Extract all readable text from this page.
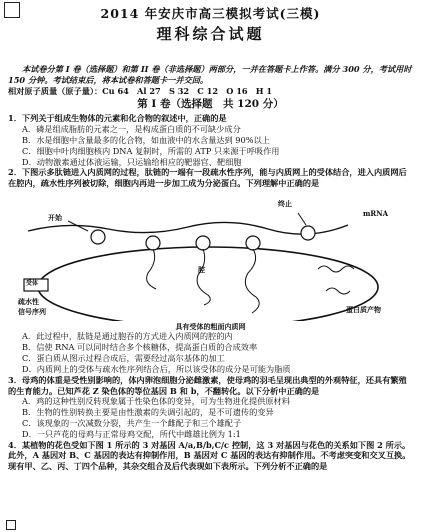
2014 年安庆市高三模拟考试(三模)
理科综合试题

本试卷分第 I 卷（选择题）和第 II 卷（非选择题）两部分，一并在答题卡上作答。满分 300 分，考试用时 150 分钟。考试结束后，将本试卷和答题卡一并交回。

相对原子质量（原子量）：Cu 64　Al 27　S 32　C 12　O 16　H 1

第 I 卷（选择题　共 120 分）

1．下列关于组成生物体的元素和化合物的叙述中，正确的是

A．磷是组成脂肪的元素之一，是构成蛋白质的不可缺少成分

B．水是细胞中含量最多的化合物，如血液中的水含量达到 90%以上

C．细胞中叶肉细胞核内 DNA 复制时，所需的 ATP 只来源于呼吸作用

D．动物激素通过体液运输，只运输给相应的靶器官、靶细胞

2．下图示多肽链进入内质网的过程，肽链的一端有一段疏水性序列，能与内质网上的受体结合，进入内质网后在腔内，疏水性序列被切除，细胞内再进一步加工成为分泌蛋白。下列理解中正确的是

开始
终止
mRNA
受体
疏水性
信号序列
腔
蛋白质产物
具有受体的粗面内质网

A．此过程中，肽链是通过胞吞的方式进入内质网的腔的内

B．信使 RNA 可以同时结合多个核糖体，提高蛋白质的合成效率

C．蛋白质从图示过程合成后，需要经过高尔基体的加工

D．内质网上的受体与疏水性序列结合后，所以该受体的成分是可能为脂质

3．母鸡的体重是受性别影响的，体内卵泡细胞分泌雌激素，使母鸡的羽毛呈现出典型的外观特征，还具有繁殖的生育能力。已知芦花 Z 染色体的等位基因 B 和 b，不翻转化。以下分析中正确的是

A．鸡的这种性别反转现象属于性染色体的变异，可为生物进化提供原材料

B．生物的性别转换主要是由性激素的失调引起的，是不可遗传的变异

C．该现象的一次减数分裂，共产生一个雌配子和三个雄配子

D．一只芦花的母鸡与正常母鸡交配，所代中雌雄比例为 1:1

4．某植物的花色受如下图 1 所示的 3 对基因 A/a,B/b,C/c 控制，这 3 对基因与花色的关系如下图 2 所示。此外，A 基因对 B、C 基因的表达有抑制作用，B 基因对 C 基因的表达有抑制作用。不考虑突变和交叉互换。现有甲、乙、丙、丁四个品种，其杂交组合及后代表现如下表所示。下列分析不正确的是
